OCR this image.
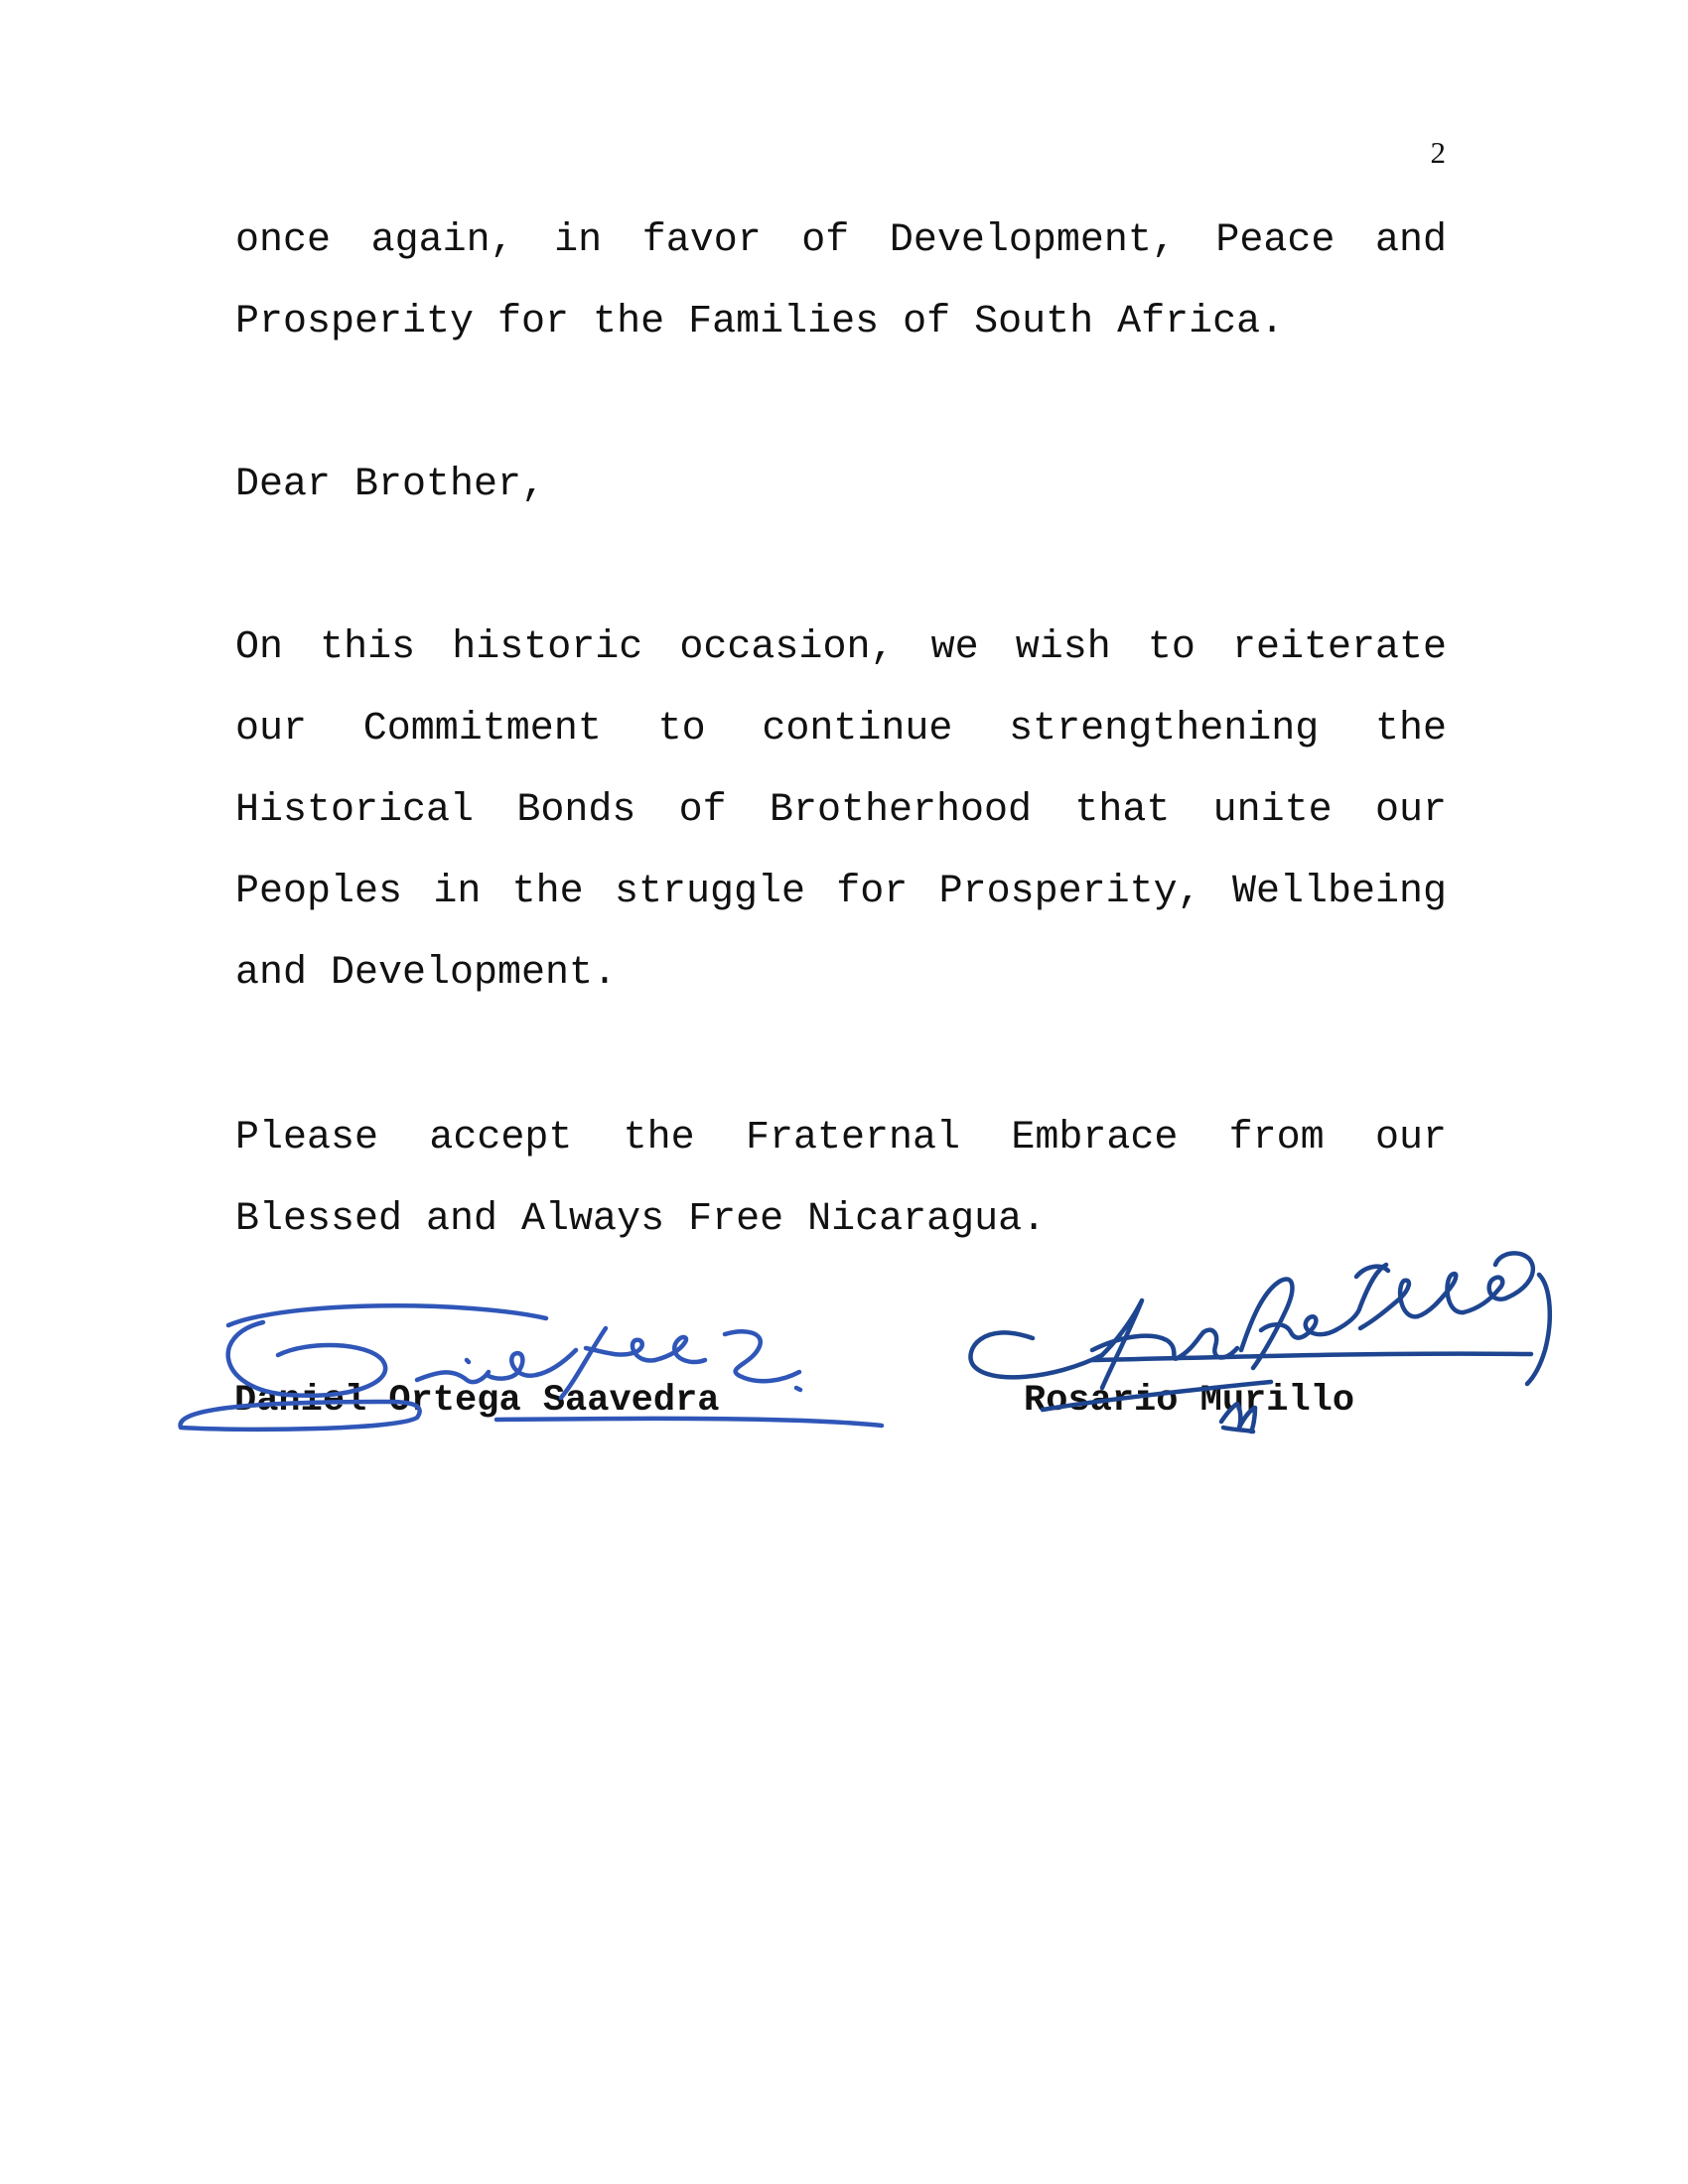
2

once again, in favor of Development, Peace and Prosperity for the Families of South Africa.

Dear Brother,

On this historic occasion, we wish to reiterate our Commitment to continue strengthening the Historical Bonds of Brotherhood that unite our Peoples in the struggle for Prosperity, Wellbeing and Development.

Please accept the Fraternal Embrace from our Blessed and Always Free Nicaragua.

Daniel Ortega Saavedra	Rosario Murillo
